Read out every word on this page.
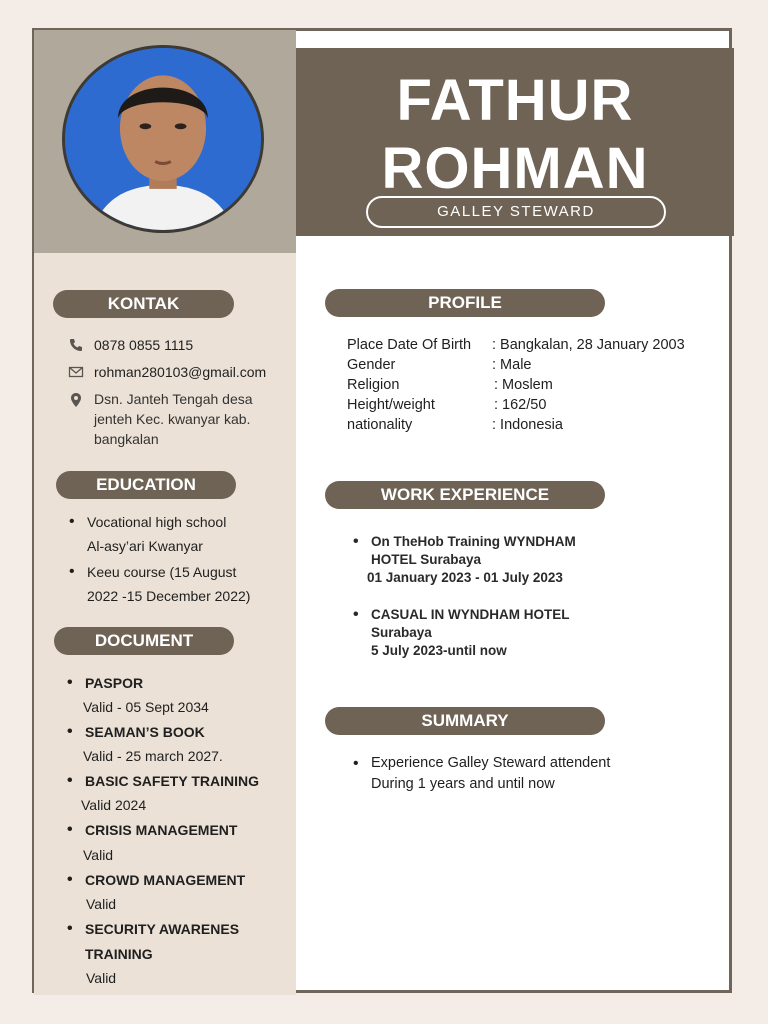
FATHUR
ROHMAN
GALLEY STEWARD
KONTAK
0878 0855 1115
rohman280103@gmail.com
Dsn. Janteh Tengah desa
jenteh Kec. kwanyar kab.
bangkalan
EDUCATION
• Vocational high school
Al-asy’ari Kwanyar
• Keeu course (15 August
2022 -15 December 2022)
DOCUMENT
• PASPOR
Valid - 05 Sept 2034
• SEAMAN’S BOOK
Valid - 25 march 2027.
• BASIC SAFETY TRAINING
Valid 2024
• CRISIS MANAGEMENT
Valid
• CROWD MANAGEMENT
Valid
• SECURITY AWARENES
TRAINING
Valid
PROFILE
Place Date Of Birth : Bangkalan, 28 January 2003
Gender	: Male
Religion	: Moslem
Height/weight	: 162/50
nationality	: Indonesia
WORK EXPERIENCE
• On TheHob Training WYNDHAM
HOTEL Surabaya
01 January 2023 - 01 July 2023
• CASUAL IN WYNDHAM HOTEL
Surabaya
5 July 2023-until now
SUMMARY
• Experience Galley Steward attendent
During 1 years and until now
